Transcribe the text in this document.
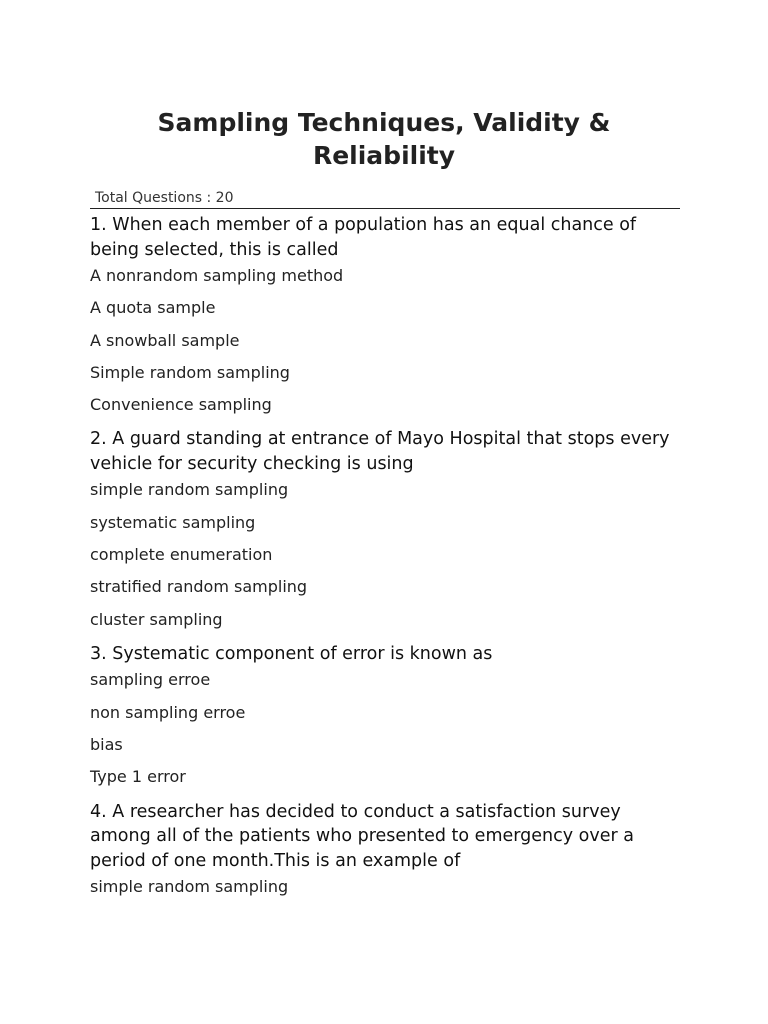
Sampling Techniques, Validity & Reliability
Total Questions : 20
1 . When each member of a population has an equal chance of being selected, this is called
A nonrandom sampling method
A quota sample
A snowball sample
Simple random sampling
Convenience sampling
2 . A guard standing at entrance of Mayo Hospital that stops every vehicle for security checking is using
simple random sampling
systematic sampling
complete enumeration
stratified random sampling
cluster sampling
3 . Systematic component of error is known as
sampling erroe
non sampling erroe
bias
Type 1 error
4 . A researcher has decided to conduct a satisfaction survey among all of the patients who presented to emergency over a period of one month.This is an example of
simple random sampling
